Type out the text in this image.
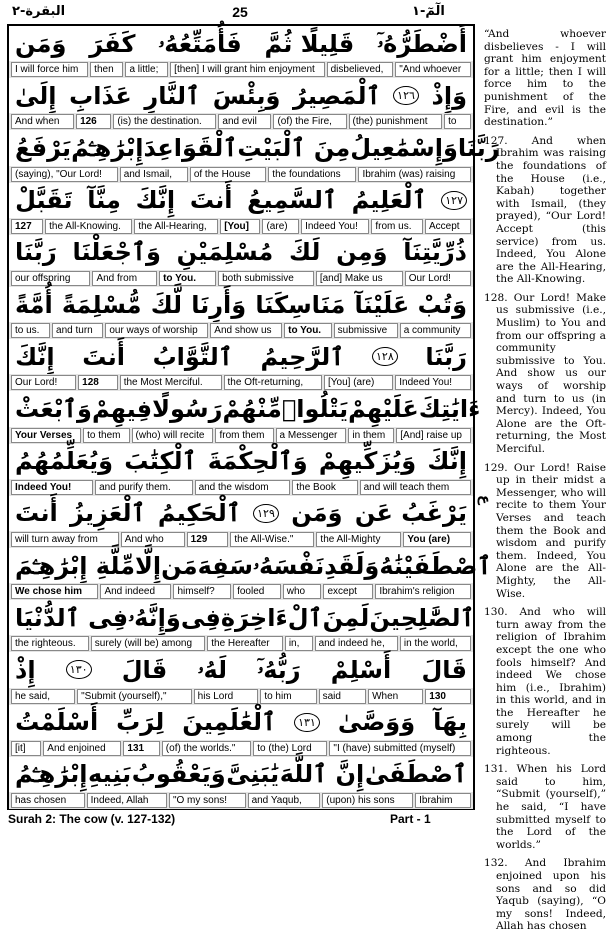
البقرة-٢	25	الٓمٓ-١
وَمَن كَفَرَ فَأُمَتِّعُهُۥ قَلِيلًا ثُمَّ أَضْطَرُّهُۥٓ
I will force him	then	a little;	[then] I will grant him enjoyment	disbelieved,	"And whoever
إِلَىٰ عَذَابِ ٱلنَّارِ وَبِئْسَ ٱلْمَصِيرُ	١٢٦ وَإِذْ
And when	126	(is) the destination.	and evil	(of) the Fire,	(the) punishment	to
يَرْفَعُ إِبْرَٰهِـۧمُ ٱلْقَوَاعِدَ مِنَ ٱلْبَيْتِ وَإِسْمَٰعِيلُ رَبَّنَا
(saying), "Our Lord!	and Ismail,	of the House	the foundations	Ibrahim (was) raising
تَقَبَّلْ مِنَّآ إِنَّكَ أَنتَ ٱلسَّمِيعُ ٱلْعَلِيمُ	١٢٧
127	the All-Knowing.	the All-Hearing,	[You]	(are)	Indeed You!	from us.	Accept
رَبَّنَا وَٱجْعَلْنَا مُسْلِمَيْنِ لَكَ وَمِن ذُرِّيَّتِنَآ
our offspring	And from	to You.	both submissive	[and] Make us	Our Lord!
أُمَّةً مُّسْلِمَةً لَّكَ وَأَرِنَا مَنَاسِكَنَا وَتُبْ عَلَيْنَآ
to us.	and turn	our ways of worship	And show us	to You.	submissive	a community
إِنَّكَ أَنتَ ٱلتَّوَّابُ ٱلرَّحِيمُ	١٢٨ رَبَّنَا
Our Lord!	128	the Most Merciful.	the Oft-returning,	[You] (are)	Indeed You!
وَٱبْعَثْ فِيهِمْ رَسُولًا مِّنْهُمْ يَتْلُوا۟ عَلَيْهِمْ ءَايَٰتِكَ
Your Verses	to them	(who) will recite	from them	a Messenger	in them	[And] raise up
وَيُعَلِّمُهُمُ ٱلْكِتَٰبَ وَٱلْحِكْمَةَ وَيُزَكِّيهِمْ إِنَّكَ
Indeed You!	and purify them.	and the wisdom	the Book	and will teach them
أَنتَ ٱلْعَزِيزُ ٱلْحَكِيمُ	١٢٩ وَمَن يَرْغَبُ عَن
will turn away from	And who	129	the All-Wise."	the All-Mighty	You (are)
مِّلَّةِ إِبْرَٰهِـۧمَ إِلَّا مَن سَفِهَ نَفْسَهُۥ وَلَقَدِ ٱصْطَفَيْنَٰهُ
We chose him	And indeed	himself?	fooled	who	except	Ibrahim's religion
فِى ٱلدُّنْيَا وَإِنَّهُۥ فِى ٱلْءَاخِرَةِ لَمِنَ ٱلصَّٰلِحِينَ
the righteous.	surely (will be) among	the Hereafter	in,	and indeed he,	in the world,
إِذْ	١٣٠ قَالَ لَهُۥ رَبُّهُۥٓ أَسْلِمْ قَالَ
he said,	"Submit (yourself),"	his Lord	to him	said	When	130
أَسْلَمْتُ لِرَبِّ ٱلْعَٰلَمِينَ	١٣١ وَوَصَّىٰ بِهَآ
[it]	And enjoined	131	(of) the worlds."	to (the) Lord	"I (have) submitted (myself)
إِبْرَٰهِـۧمُ بَنِيهِ وَيَعْقُوبُ يَٰبَنِىَّ إِنَّ ٱللَّهَ ٱصْطَفَىٰ
has chosen	Indeed, Allah	"O my sons!	and Yaqub,	(upon) his sons	Ibrahim
ع

“And whoever disbelieves - I will grant him enjoyment for a little; then I will force him to the punishment of the Fire, and evil is the destination.”

127. And when Ibrahim was raising the foundations of the House (i.e., Kabah) together with Ismail, (they prayed), “Our Lord! Accept (this service) from us. Indeed, You Alone are the All-Hearing, the All-Knowing.

128. Our Lord! Make us submissive (i.e., Muslim) to You and from our offspring a community submissive to You. And show us our ways of worship and turn to us (in Mercy). Indeed, You Alone are the Oft-returning, the Most Merciful.

129. Our Lord! Raise up in their midst a Messenger, who will recite to them Your Verses and teach them the Book and wisdom and purify them. Indeed, You Alone are the All-Mighty, the All-Wise.

130. And who will turn away from the religion of Ibrahim except the one who fools himself? And indeed We chose him (i.e., Ibrahim) in this world, and in the Hereafter he surely will be among the righteous.

131. When his Lord said to him, “Submit (yourself),” he said, “I have submitted myself to the Lord of the worlds.”

132. And Ibrahim enjoined upon his sons and so did Yaqub (saying), “O my sons! Indeed, Allah has chosen

Surah 2: The cow (v. 127-132)	Part - 1
